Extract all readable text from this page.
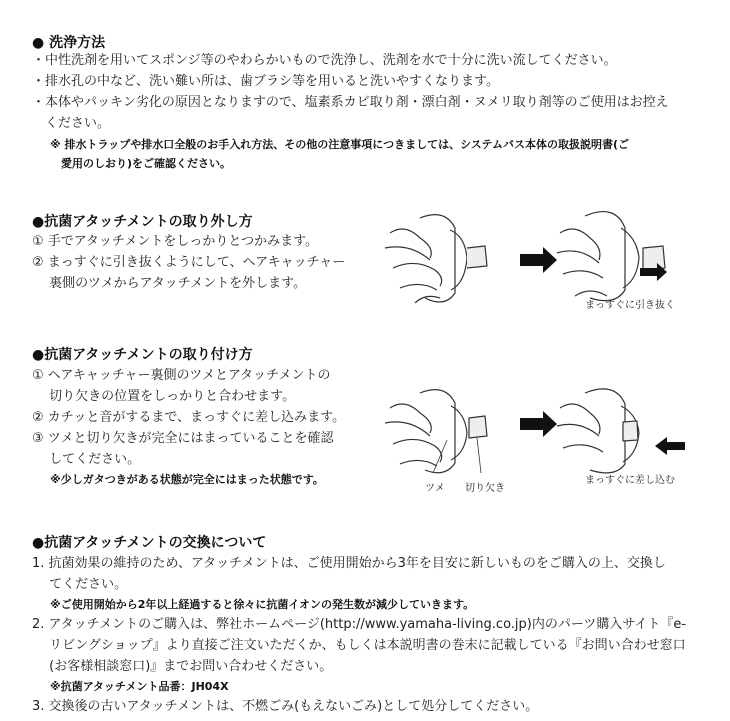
● 洗浄方法
・中性洗剤を用いてスポンジ等のやわらかいもので洗浄し、洗剤を水で十分に洗い流してください。
・排水孔の中など、洗い難い所は、歯ブラシ等を用いると洗いやすくなります。
・本体やパッキン劣化の原因となりますので、塩素系カビ取り剤・漂白剤・ヌメリ取り剤等のご使用はお控え
　ください。
※ 排水トラップや排水口全般のお手入れ方法、その他の注意事項につきましては、システムバス本体の取扱説明書(ご
　愛用のしおり)をご確認ください。
●抗菌アタッチメントの取り外し方
① 手でアタッチメントをしっかりとつかみます。
② まっすぐに引き抜くようにして、ヘアキャッチャー
　 裏側のツメからアタッチメントを外します。
まっすぐに引き抜く
●抗菌アタッチメントの取り付け方
① ヘアキャッチャー裏側のツメとアタッチメントの
　 切り欠きの位置をしっかりと合わせます。
② カチッと音がするまで、まっすぐに差し込みます。
③ ツメと切り欠きが完全にはまっていることを確認
　 してください。
※少しガタつきがある状態が完全にはまった状態です。
ツメ 切り欠き
まっすぐに差し込む
●抗菌アタッチメントの交換について
1. 抗菌効果の維持のため、アタッチメントは、ご使用開始から3年を目安に新しいものをご購入の上、交換し
　 てください。
※ご使用開始から2年以上経過すると徐々に抗菌イオンの発生数が減少していきます。
2. アタッチメントのご購入は、弊社ホームページ(http://www.yamaha-living.co.jp)内のパーツ購入サイト『e-
　 リビングショップ』より直接ご注文いただくか、もしくは本説明書の巻末に記載している『お問い合わせ窓口
　 (お客様相談窓口)』までお問い合わせください。
※抗菌アタッチメント品番：JH04X
3. 交換後の古いアタッチメントは、不燃ごみ(もえないごみ)として処分してください。
